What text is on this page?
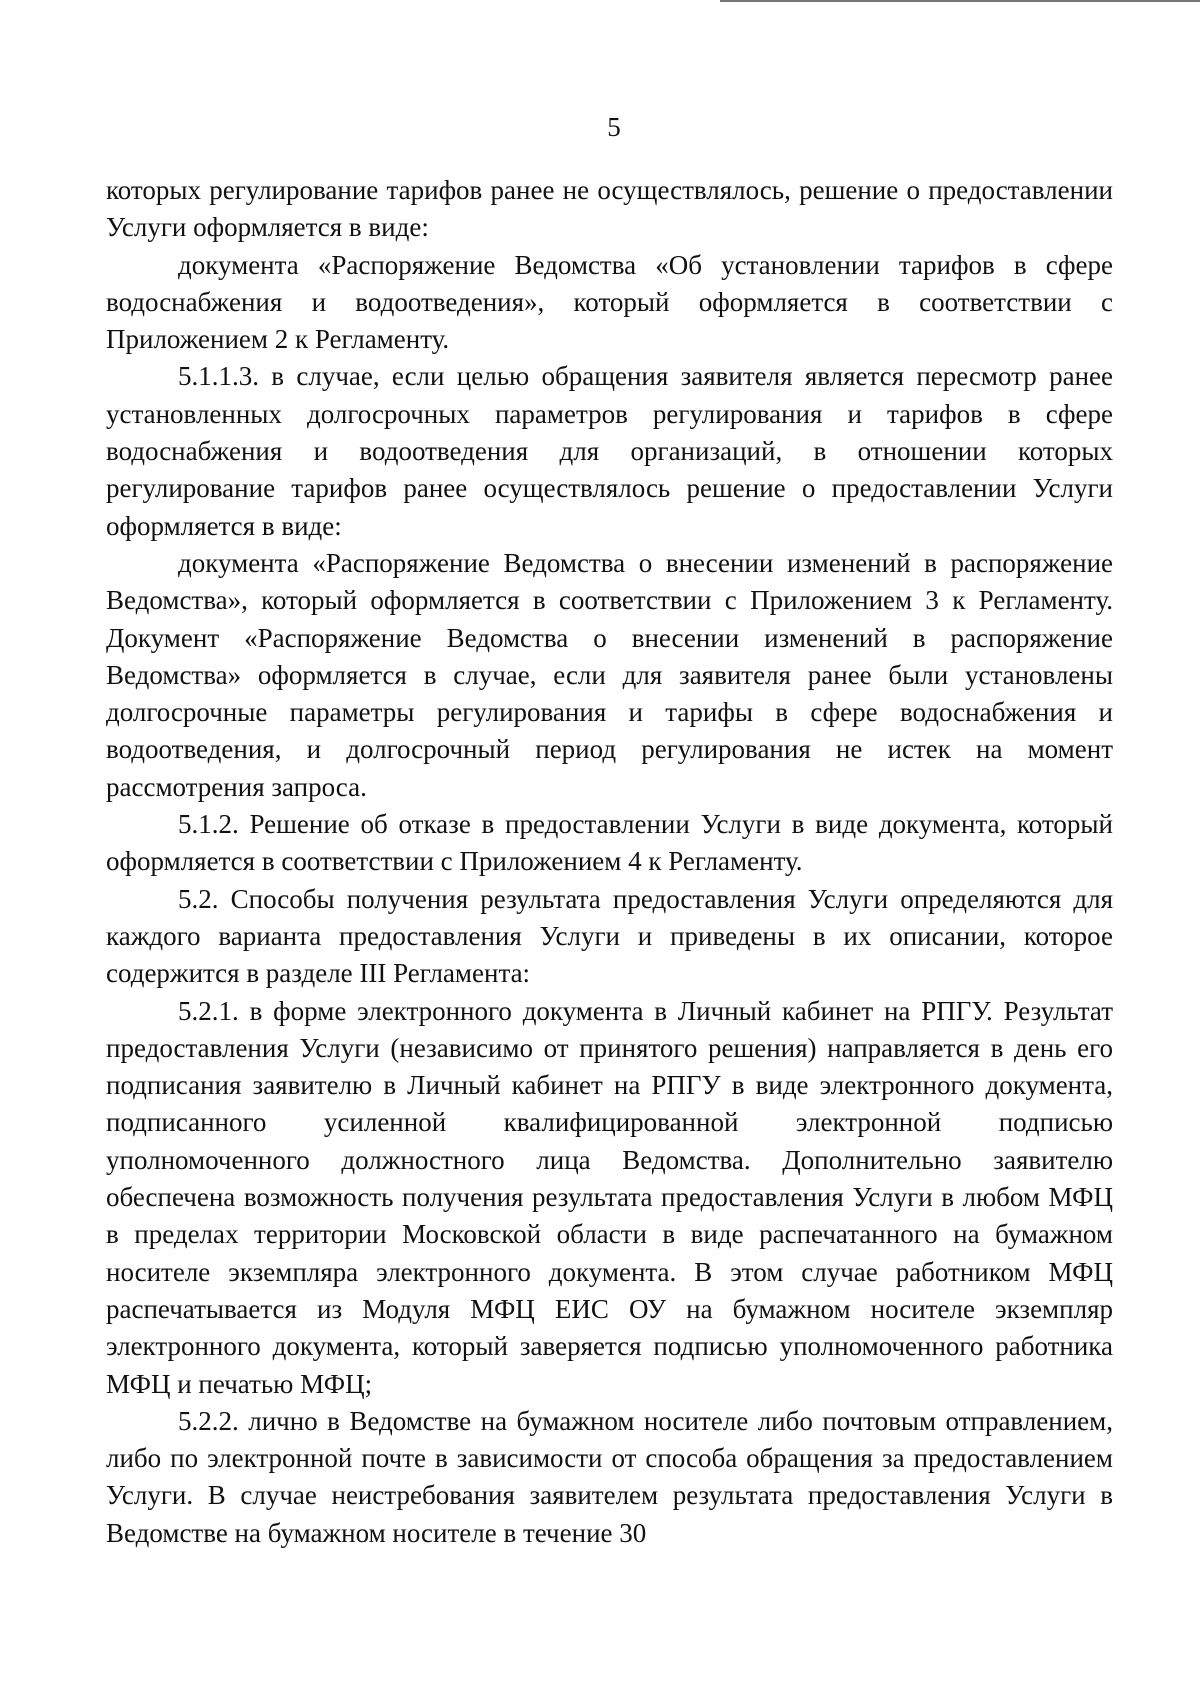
5

которых регулирование тарифов ранее не осуществлялось, решение о предоставлении Услуги оформляется в виде:

документа «Распоряжение Ведомства «Об установлении тарифов в сфере водоснабжения и водоотведения», который оформляется в соответствии с Приложением 2 к Регламенту.

5.1.1.3. в случае, если целью обращения заявителя является пересмотр ранее установленных долгосрочных параметров регулирования и тарифов в сфере водоснабжения и водоотведения для организаций, в отношении которых регулирование тарифов ранее осуществлялось решение о предоставлении Услуги оформляется в виде:

документа «Распоряжение Ведомства о внесении изменений в распоряжение Ведомства», который оформляется в соответствии с Приложением 3 к Регламенту. Документ «Распоряжение Ведомства о внесении изменений в распоряжение Ведомства» оформляется в случае, если для заявителя ранее были установлены долгосрочные параметры регулирования и тарифы в сфере водоснабжения и водоотведения, и долгосрочный период регулирования не истек на момент рассмотрения запроса.

5.1.2. Решение об отказе в предоставлении Услуги в виде документа, который оформляется в соответствии с Приложением 4 к Регламенту.

5.2. Способы получения результата предоставления Услуги определяются для каждого варианта предоставления Услуги и приведены в их описании, которое содержится в разделе III Регламента:

5.2.1. в форме электронного документа в Личный кабинет на РПГУ. Результат предоставления Услуги (независимо от принятого решения) направляется в день его подписания заявителю в Личный кабинет на РПГУ в виде электронного документа, подписанного усиленной квалифицированной электронной подписью уполномоченного должностного лица Ведомства. Дополнительно заявителю обеспечена возможность получения результата предоставления Услуги в любом МФЦ в пределах территории Московской области в виде распечатанного на бумажном носителе экземпляра электронного документа. В этом случае работником МФЦ распечатывается из Модуля МФЦ ЕИС ОУ на бумажном носителе экземпляр электронного документа, который заверяется подписью уполномоченного работника МФЦ и печатью МФЦ;

5.2.2. лично в Ведомстве на бумажном носителе либо почтовым отправлением, либо по электронной почте в зависимости от способа обращения за предоставлением Услуги. В случае неистребования заявителем результата предоставления Услуги в Ведомстве на бумажном носителе в течение 30
